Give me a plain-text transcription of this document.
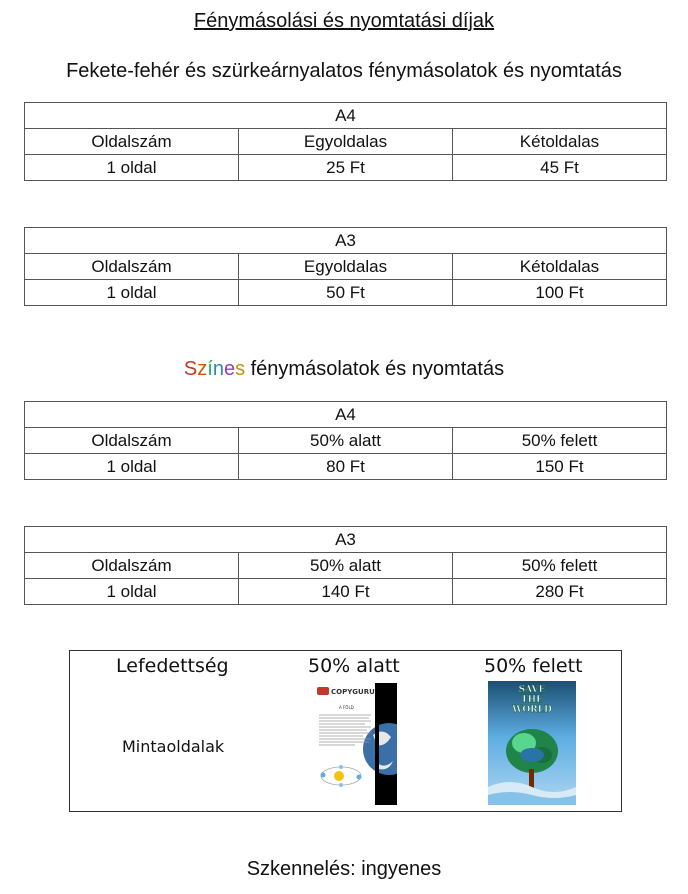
Fénymásolási és nyomtatási díjak
Fekete-fehér és szürkeárnyalatos fénymásolatok és nyomtatás
A4		
Oldalszám	Egyoldalas	Kétoldalas
1 oldal	25 Ft	45 Ft
A3		
Oldalszám	Egyoldalas	Kétoldalas
1 oldal	50 Ft	100 Ft
Színes fénymásolatok és nyomtatás
A4		
Oldalszám	50% alatt	50% felett
1 oldal	80 Ft	150 Ft
A3		
Oldalszám	50% alatt	50% felett
1 oldal	140 Ft	280 Ft
Lefedettség	50% alatt	50% felett
Mintaoldalak
COPYGURU
A FÖLD
SAVE
THE
WORLD
Szkennelés: ingyenes
